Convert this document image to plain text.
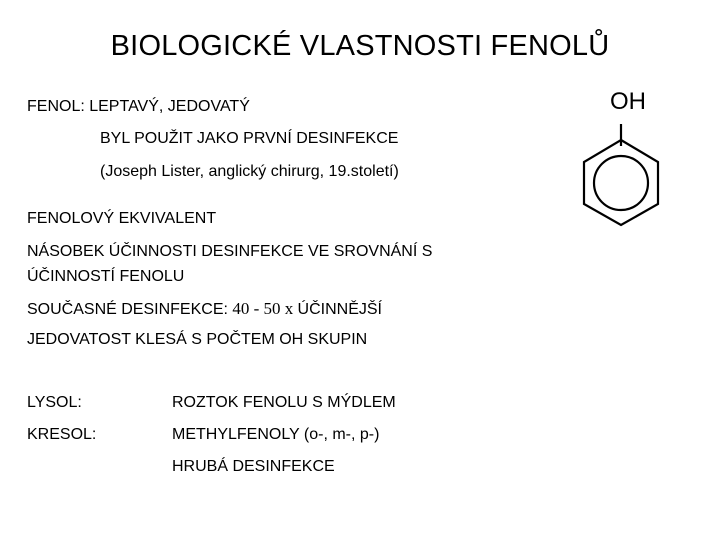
BIOLOGICKÉ VLASTNOSTI FENOLŮ
FENOL: LEPTAVÝ, JEDOVATÝ
BYL POUŽIT JAKO PRVNÍ DESINFEKCE
(Joseph Lister, anglický chirurg, 19.století)
FENOLOVÝ EKVIVALENT
NÁSOBEK ÚČINNOSTI DESINFEKCE VE SROVNÁNÍ S
ÚČINNOSTÍ FENOLU
SOUČASNÉ DESINFEKCE: 40 - 50 x ÚČINNĚJŠÍ
JEDOVATOST KLESÁ S POČTEM OH SKUPIN
LYSOL:	ROZTOK FENOLU S MÝDLEM
KRESOL:	METHYLFENOLY (o-, m-, p-)
HRUBÁ DESINFEKCE
OH
